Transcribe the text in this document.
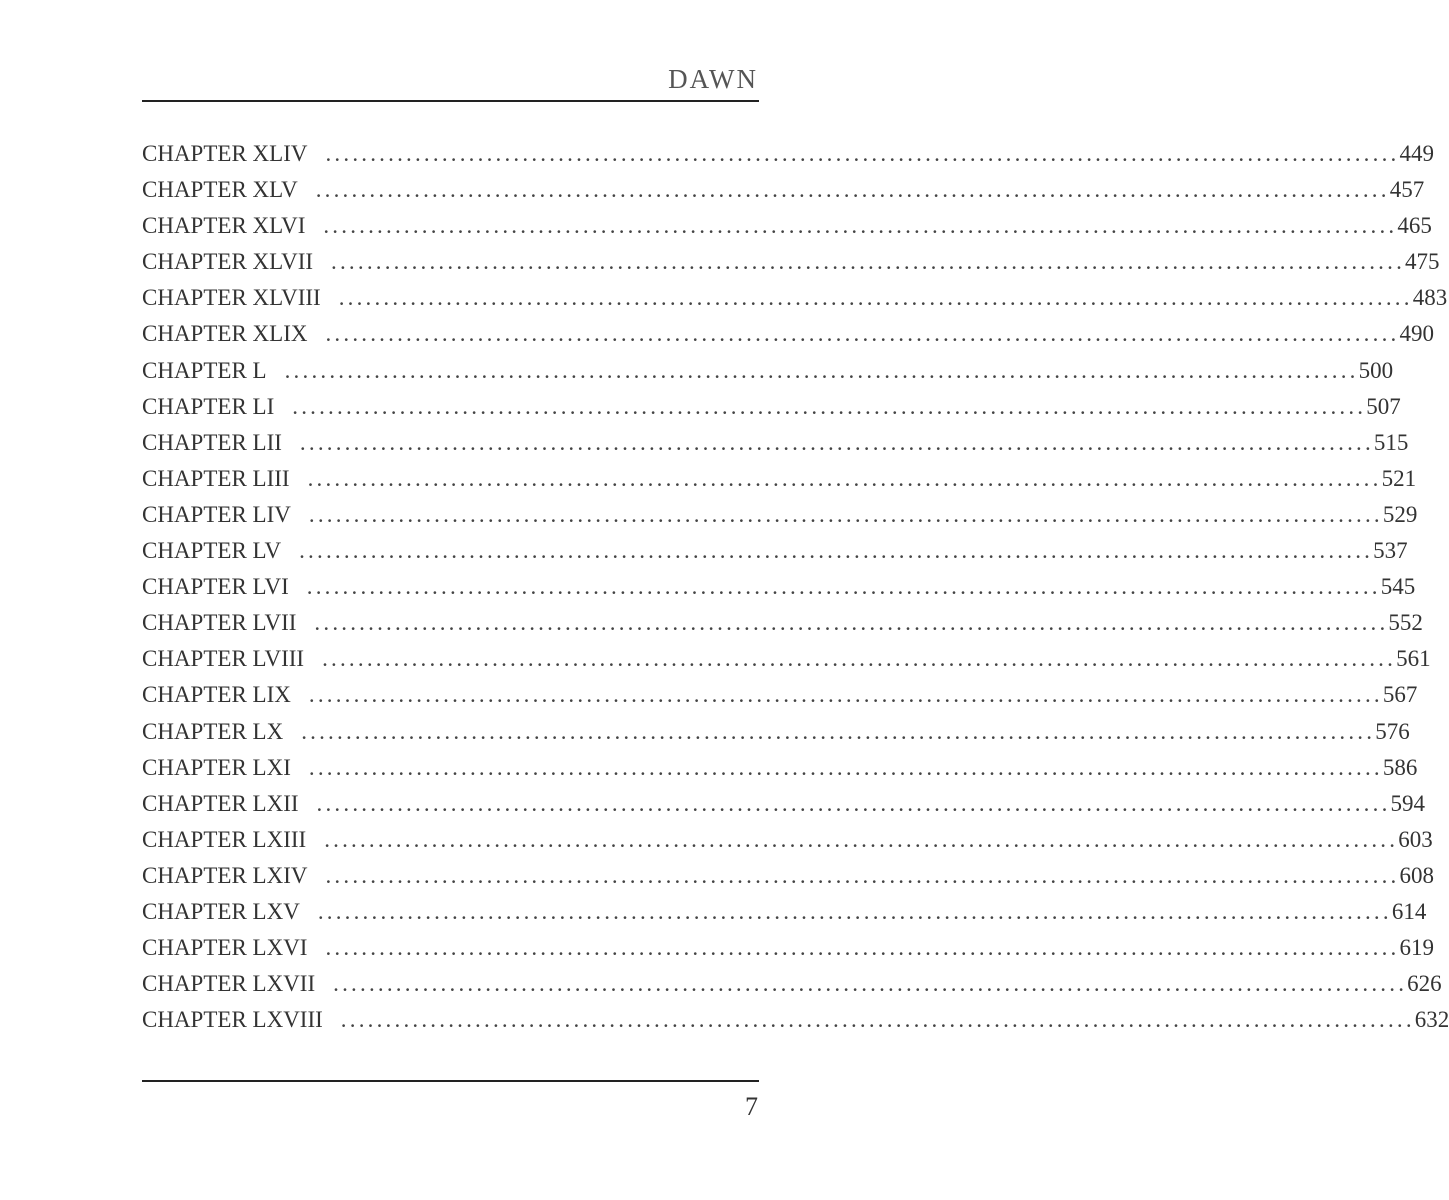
DAWN
CHAPTER XLIV ........................................................................................................................ 449
CHAPTER XLV ........................................................................................................................ 457
CHAPTER XLVI ........................................................................................................................ 465
CHAPTER XLVII ........................................................................................................................ 475
CHAPTER XLVIII ........................................................................................................................ 483
CHAPTER XLIX ........................................................................................................................ 490
CHAPTER L ........................................................................................................................ 500
CHAPTER LI ........................................................................................................................ 507
CHAPTER LII ........................................................................................................................ 515
CHAPTER LIII ........................................................................................................................ 521
CHAPTER LIV ........................................................................................................................ 529
CHAPTER LV ........................................................................................................................ 537
CHAPTER LVI ........................................................................................................................ 545
CHAPTER LVII ........................................................................................................................ 552
CHAPTER LVIII ........................................................................................................................ 561
CHAPTER LIX ........................................................................................................................ 567
CHAPTER LX ........................................................................................................................ 576
CHAPTER LXI ........................................................................................................................ 586
CHAPTER LXII ........................................................................................................................ 594
CHAPTER LXIII ........................................................................................................................ 603
CHAPTER LXIV ........................................................................................................................ 608
CHAPTER LXV ........................................................................................................................ 614
CHAPTER LXVI ........................................................................................................................ 619
CHAPTER LXVII ........................................................................................................................ 626
CHAPTER LXVIII ........................................................................................................................ 632
7
